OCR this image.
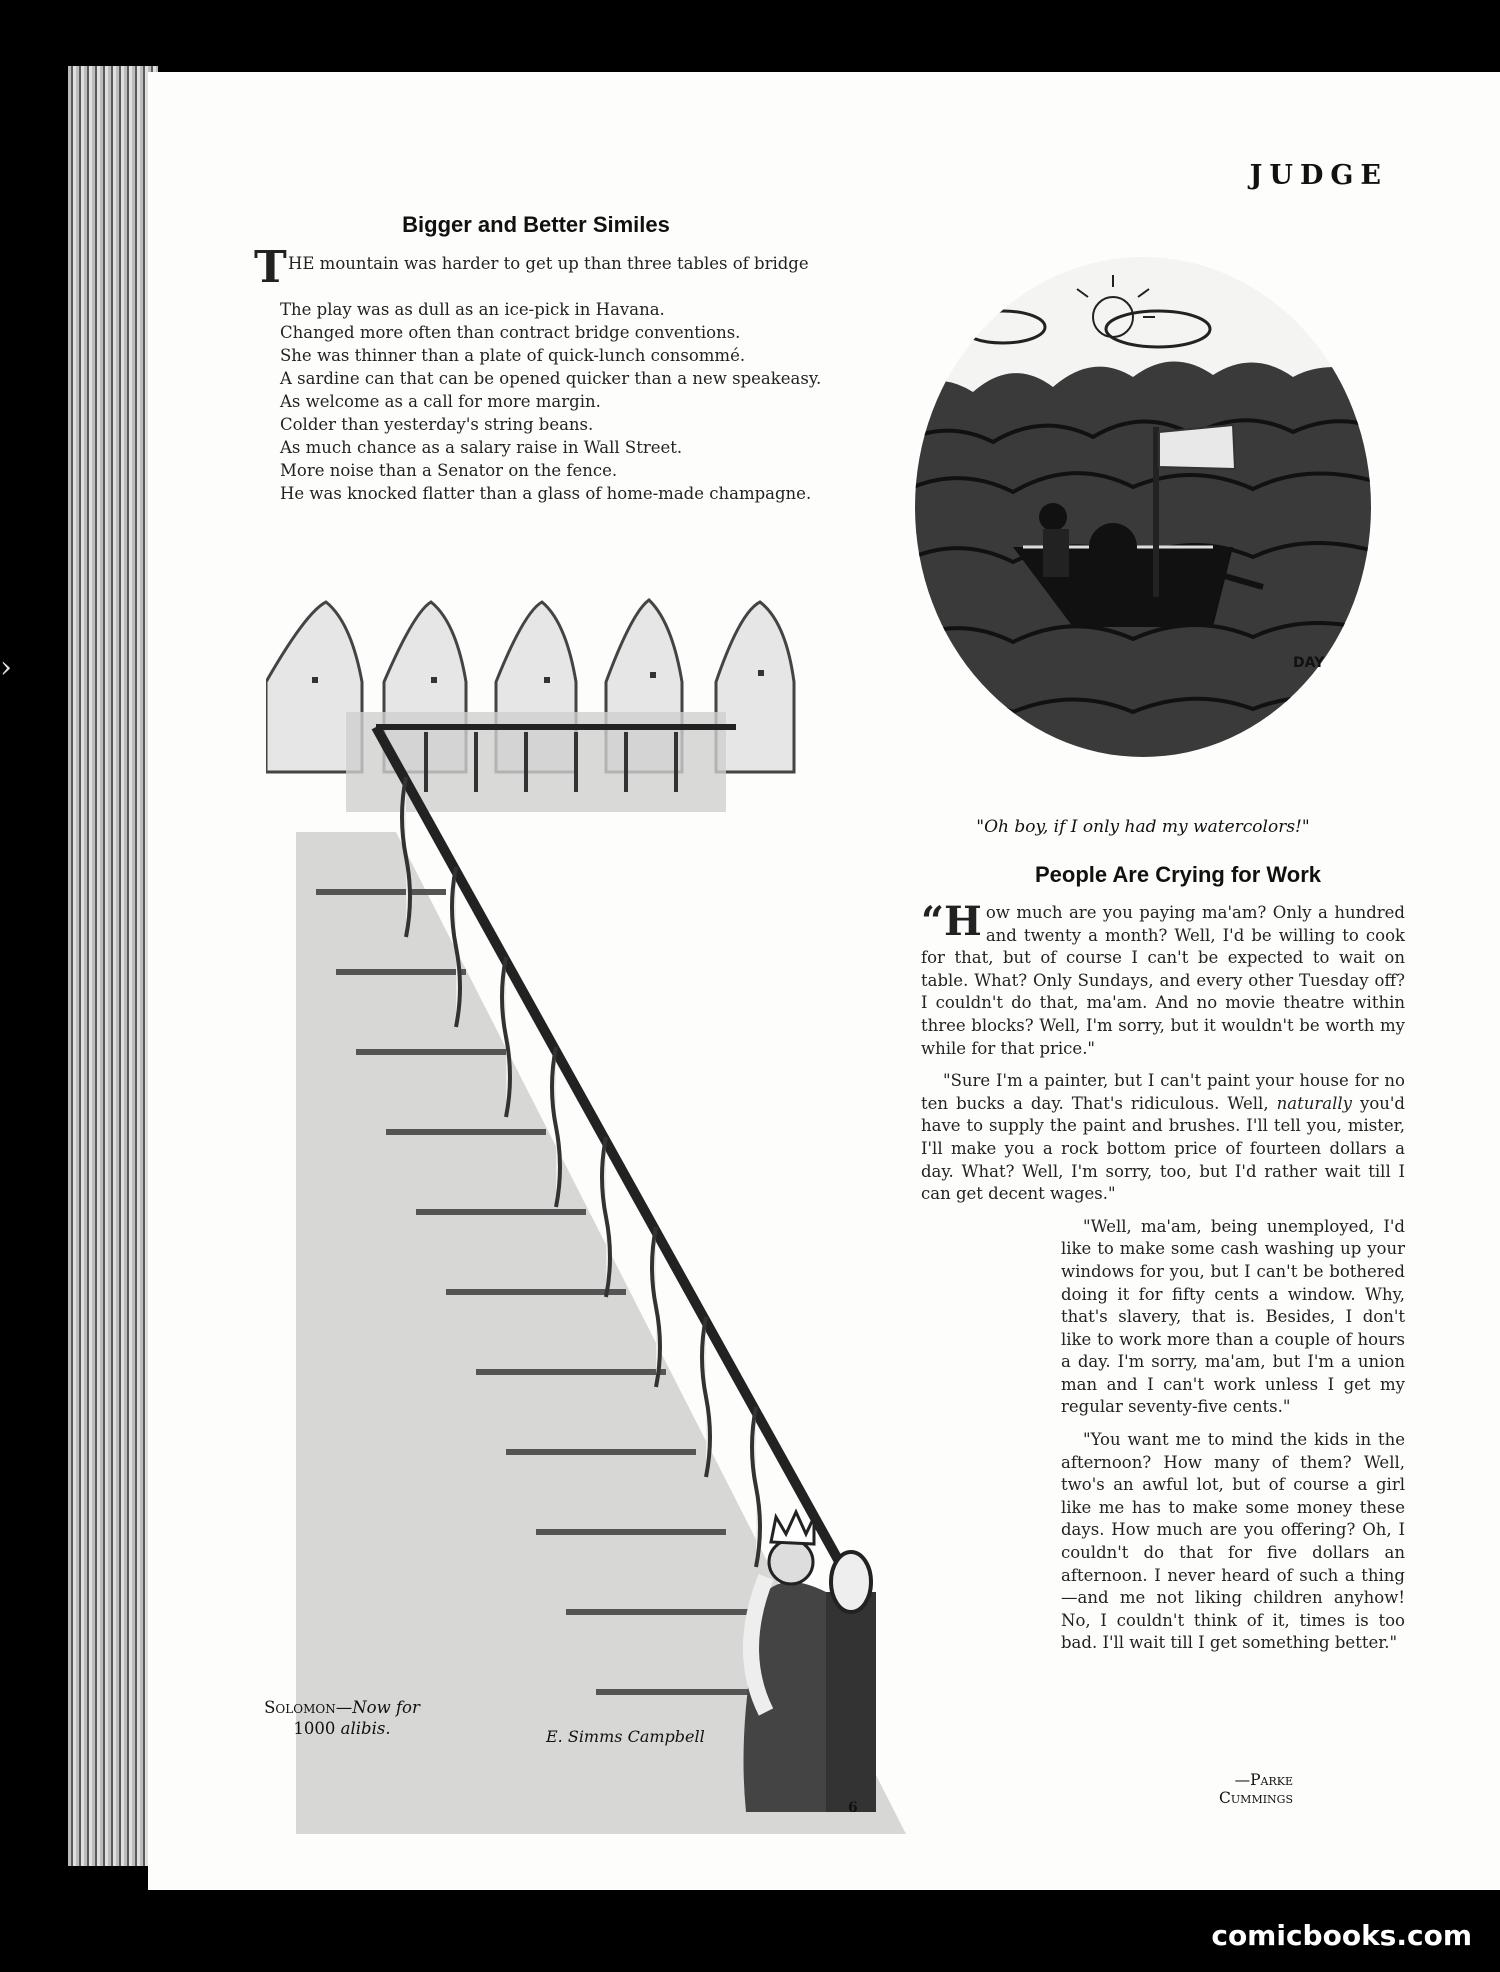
›
JUDGE
Bigger and Better Similes

T HE mountain was harder to get up than three tables of bridge

The play was as dull as an ice-pick in Havana.

Changed more often than contract bridge conventions.

She was thinner than a plate of quick-lunch consommé.

A sardine can that can be opened quicker than a new speakeasy.

As welcome as a call for more margin.

Colder than yesterday's string beans.

As much chance as a salary raise in Wall Street.

More noise than a Senator on the fence.

He was knocked flatter than a glass of home-made champagne.

DAY
"Oh boy, if I only had my watercolors!"
People Are Crying for Work

“How much are you paying ma'am? Only a hundred and twenty a month? Well, I'd be willing to cook for that, but of course I can't be expected to wait on table. What? Only Sundays, and every other Tuesday off? I couldn't do that, ma'am. And no movie theatre within three blocks? Well, I'm sorry, but it wouldn't be worth my while for that price."

"Sure I'm a painter, but I can't paint your house for no ten bucks a day. That's ridiculous. Well, naturally you'd have to supply the paint and brushes. I'll tell you, mister, I'll make you a rock bottom price of fourteen dollars a day. What? Well, I'm sorry, too, but I'd rather wait till I can get decent wages."

"Well, ma'am, being unemployed, I'd like to make some cash washing up your windows for you, but I can't be bothered doing it for fifty cents a window. Why, that's slavery, that is. Besides, I don't like to work more than a couple of hours a day. I'm sorry, ma'am, but I'm a union man and I can't work unless I get my regular seventy-five cents."

"You want me to mind the kids in the afternoon? How many of them? Well, two's an awful lot, but of course a girl like me has to make some money these days. How much are you offering? Oh, I couldn't do that for five dollars an afternoon. I never heard of such a thing—and me not liking children anyhow! No, I couldn't think of it, times is too bad. I'll wait till I get something better."

—Parke Cummings
E. Simms Campbell
Solomon—Now for
1000 alibis.
6
comicbooks.com
